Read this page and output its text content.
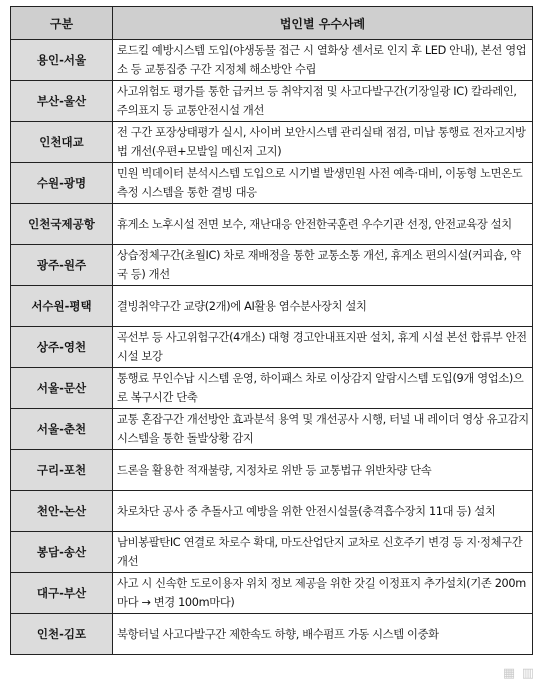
구분	법인별 우수사례
용인-서울	로드킬 예방시스템 도입(야생동물 접근 시 열화상 센서로 인지 후 LED 안내), 본선 영업소 등 교통집중 구간 지정체 해소방안 수립
부산-울산	사고위험도 평가를 통한 급커브 등 취약지점 및 사고다발구간(기장일광 IC) 칼라레인, 주의표지 등 교통안전시설 개선
인천대교	전 구간 포장상태평가 실시, 사이버 보안시스템 관리실태 점검, 미납 통행료 전자고지방법 개선(우편+모발일 메신저 고지)
수원-광명	민원 빅데이터 분석시스템 도입으로 시기별 발생민원 사전 예측·대비, 이동형 노면온도 측정 시스템을 통한 결빙 대응
인천국제공항	휴게소 노후시설 전면 보수, 재난대응 안전한국훈련 우수기관 선정, 안전교육장 설치
광주-원주	상습정체구간(초월IC) 차로 재배정을 통한 교통소통 개선, 휴게소 편의시설(커피숍, 약국 등) 개선
서수원-평택	결빙취약구간 교량(2개)에 AI활용 염수분사장치 설치
상주-영천	곡선부 등 사고위험구간(4개소) 대형 경고안내표지판 설치, 휴게 시설 본선 합류부 안전시설 보강
서울-문산	통행료 무인수납 시스템 운영, 하이패스 차로 이상감지 알람시스템 도입(9개 영업소)으로 복구시간 단축
서울-춘천	교통 혼잡구간 개선방안 효과분석 용역 및 개선공사 시행, 터널 내 레이더 영상 유고감지시스템을 통한 돌발상황 감지
구리-포천	드론을 활용한 적재불량, 지정차로 위반 등 교통법규 위반차량 단속
천안-논산	차로차단 공사 중 추돌사고 예방을 위한 안전시설물(충격흡수장치 11대 등) 설치
봉담-송산	남비봉팔탄IC 연결로 차로수 확대, 마도산업단지 교차로 신호주기 변경 등 지·정체구간 개선
대구-부산	사고 시 신속한 도로이용자 위치 정보 제공을 위한 갓길 이정표지 추가설치(기존 200m마다 → 변경 100m마다)
인천-김포	북항터널 사고다발구간 제한속도 하향, 배수펌프 가동 시스템 이중화
▦ ▥
